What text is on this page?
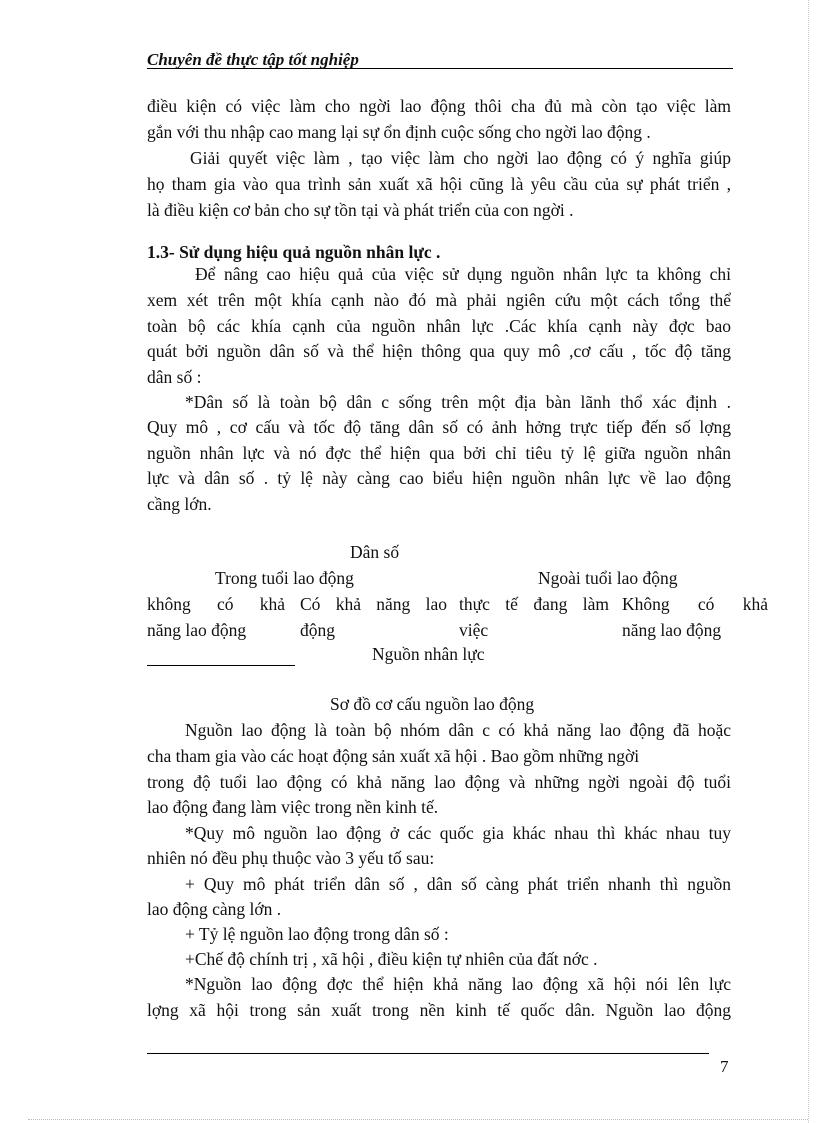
Chuyên đề thực tập tốt nghiệp
điều kiện có việc làm cho ngời lao động thôi cha đủ mà còn tạo việc làm
gắn với thu nhập cao mang lại sự ổn định cuộc sống cho ngời lao động .
Giải quyết việc làm , tạo việc làm cho ngời lao động có ý nghĩa giúp
họ tham gia vào qua trình sản xuất xã hội cũng là yêu cầu của sự phát triển ,
là điều kiện cơ bản cho sự tồn tại và phát triển của con ngời .
1.3- Sử dụng hiệu quả nguồn nhân lực .
Để nâng cao hiệu quả của việc sử dụng nguồn nhân lực ta không chỉ
xem xét trên một khía cạnh nào đó mà phải ngiên cứu một cách tổng thể
toàn bộ các khía cạnh của nguồn nhân lực .Các khía cạnh này đợc bao
quát bởi nguồn dân số và thể hiện thông qua quy mô ,cơ cấu , tốc độ tăng
dân số :
*Dân số là toàn bộ dân c sống trên một địa bàn lãnh thổ xác định .
Quy mô , cơ cấu và tốc độ tăng dân số có ảnh hởng trực tiếp đến số lợng
nguồn nhân lực và nó đợc thể hiện qua bởi chỉ tiêu tỷ lệ giữa nguồn nhân
lực và dân số . tỷ lệ này càng cao biểu hiện nguồn nhân lực về lao động
cầng lớn.
Dân số
Trong tuổi lao động	Ngoài tuổi lao động
không có khả
năng lao động
Có khả năng lao
động
thực tế đang làm
việc
Không có khả
năng lao động
Nguồn nhân lực
Sơ đồ cơ cấu nguồn lao động
Nguồn lao động là toàn bộ nhóm dân c có khả năng lao động đã hoặc
cha tham gia vào các hoạt động sản xuất xã hội . Bao gồm những ngời
trong độ tuổi lao động có khả năng lao động và những ngời ngoài độ tuổi
lao động đang làm việc trong nền kinh tế.
*Quy mô nguồn lao động ở các quốc gia khác nhau thì khác nhau tuy
nhiên nó đều phụ thuộc vào 3 yếu tố sau:
+ Quy mô phát triển dân số , dân số càng phát triển nhanh thì nguồn
lao động càng lớn .
+ Tỷ lệ nguồn lao động trong dân số :
+Chế độ chính trị , xã hội , điều kiện tự nhiên của đất nớc .
*Nguồn lao động đợc thể hiện khả năng lao động xã hội nói lên lực
lợng xã hội trong sản xuất trong nền kinh tế quốc dân. Nguồn lao động
7
